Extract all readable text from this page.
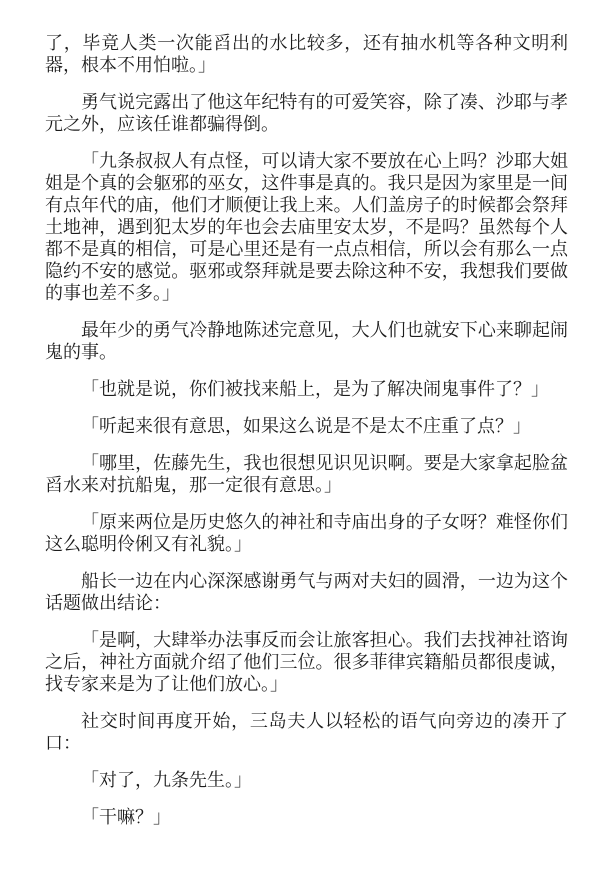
了，毕竟人类一次能舀出的水比较多，还有抽水机等各种文明利器，根本不用怕啦。」

勇气说完露出了他这年纪特有的可爱笑容，除了凑、沙耶与孝元之外，应该任谁都骗得倒。

「九条叔叔人有点怪，可以请大家不要放在心上吗？沙耶大姐姐是个真的会躯邪的巫女，这件事是真的。我只是因为家里是一间有点年代的庙，他们才顺便让我上来。人们盖房子的时候都会祭拜土地神，遇到犯太岁的年也会去庙里安太岁，不是吗？虽然每个人都不是真的相信，可是心里还是有一点点相信，所以会有那么一点隐约不安的感觉。驱邪或祭拜就是要去除这种不安，我想我们要做的事也差不多。」

最年少的勇气冷静地陈述完意见，大人们也就安下心来聊起闹鬼的事。

「也就是说，你们被找来船上，是为了解决闹鬼事件了？」

「听起来很有意思，如果这么说是不是太不庄重了点？」

「哪里，佐藤先生，我也很想见识见识啊。要是大家拿起脸盆舀水来对抗船鬼，那一定很有意思。」

「原来两位是历史悠久的神社和寺庙出身的子女呀？难怪你们这么聪明伶俐又有礼貌。」

船长一边在内心深深感谢勇气与两对夫妇的圆滑，一边为这个话题做出结论：

「是啊，大肆举办法事反而会让旅客担心。我们去找神社谘询之后，神社方面就介绍了他们三位。很多菲律宾籍船员都很虔诚，找专家来是为了让他们放心。」

社交时间再度开始，三岛夫人以轻松的语气向旁边的凑开了口：

「对了，九条先生。」

「干嘛？」
